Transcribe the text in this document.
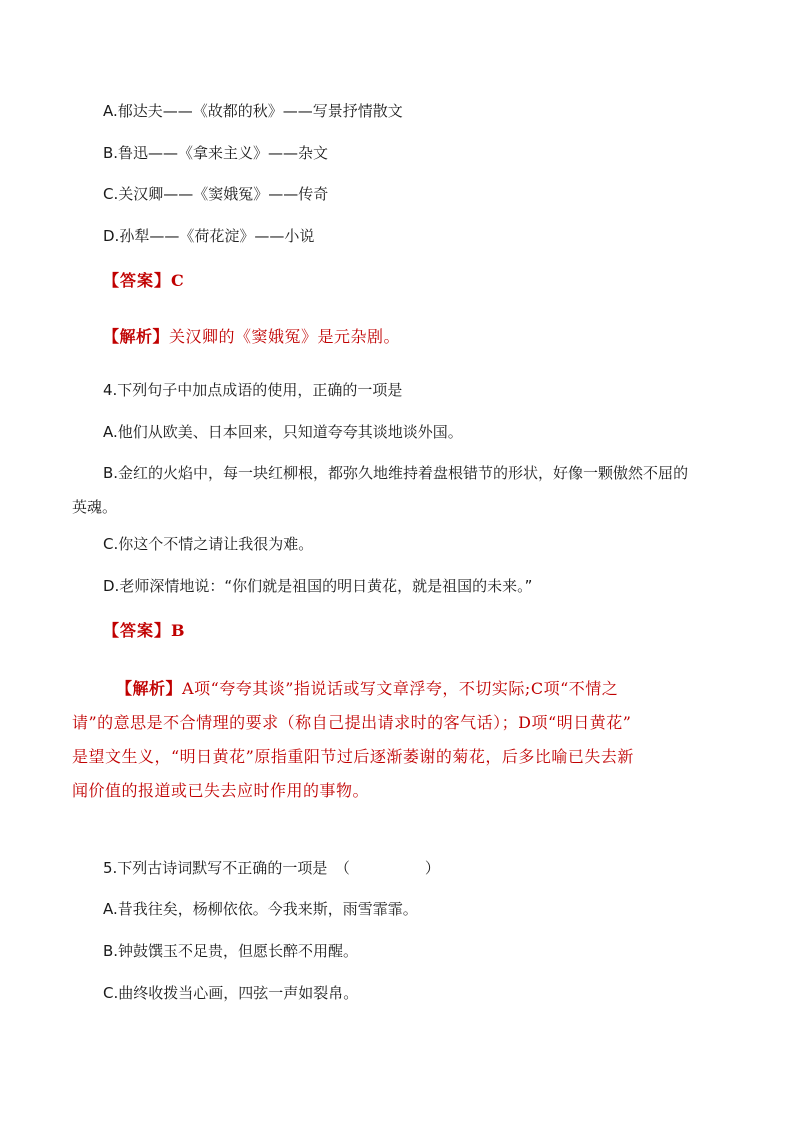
A.郁达夫——《故都的秋》——写景抒情散文
B.鲁迅——《拿来主义》——杂文
C.关汉卿——《窦娥冤》——传奇
D.孙犁——《荷花淀》——小说
【答案】C
【解析】关汉卿的《窦娥冤》是元杂剧。
4.下列句子中加点成语的使用，正确的一项是
A.他们从欧美、日本回来，只知道夸夸其谈地谈外国。
B.金红的火焰中，每一块红柳根，都弥久地维持着盘根错节的形状，好像一颗傲然不屈的
英魂。
C.你这个不情之请让我很为难。
D.老师深情地说：“你们就是祖国的明日黄花，就是祖国的未来。”
【答案】B
【解析】A项“夸夸其谈”指说话或写文章浮夸，不切实际;C项“不情之
请”的意思是不合情理的要求（称自己提出请求时的客气话）；D项“明日黄花”
是望文生义，“明日黄花”原指重阳节过后逐渐萎谢的菊花，后多比喻已失去新
闻价值的报道或已失去应时作用的事物。
5.下列古诗词默写不正确的一项是　（　　　　　）
A.昔我往矣，杨柳依依。今我来斯，雨雪霏霏。
B.钟鼓馔玉不足贵，但愿长醉不用醒。
C.曲终收拨当心画，四弦一声如裂帛。
